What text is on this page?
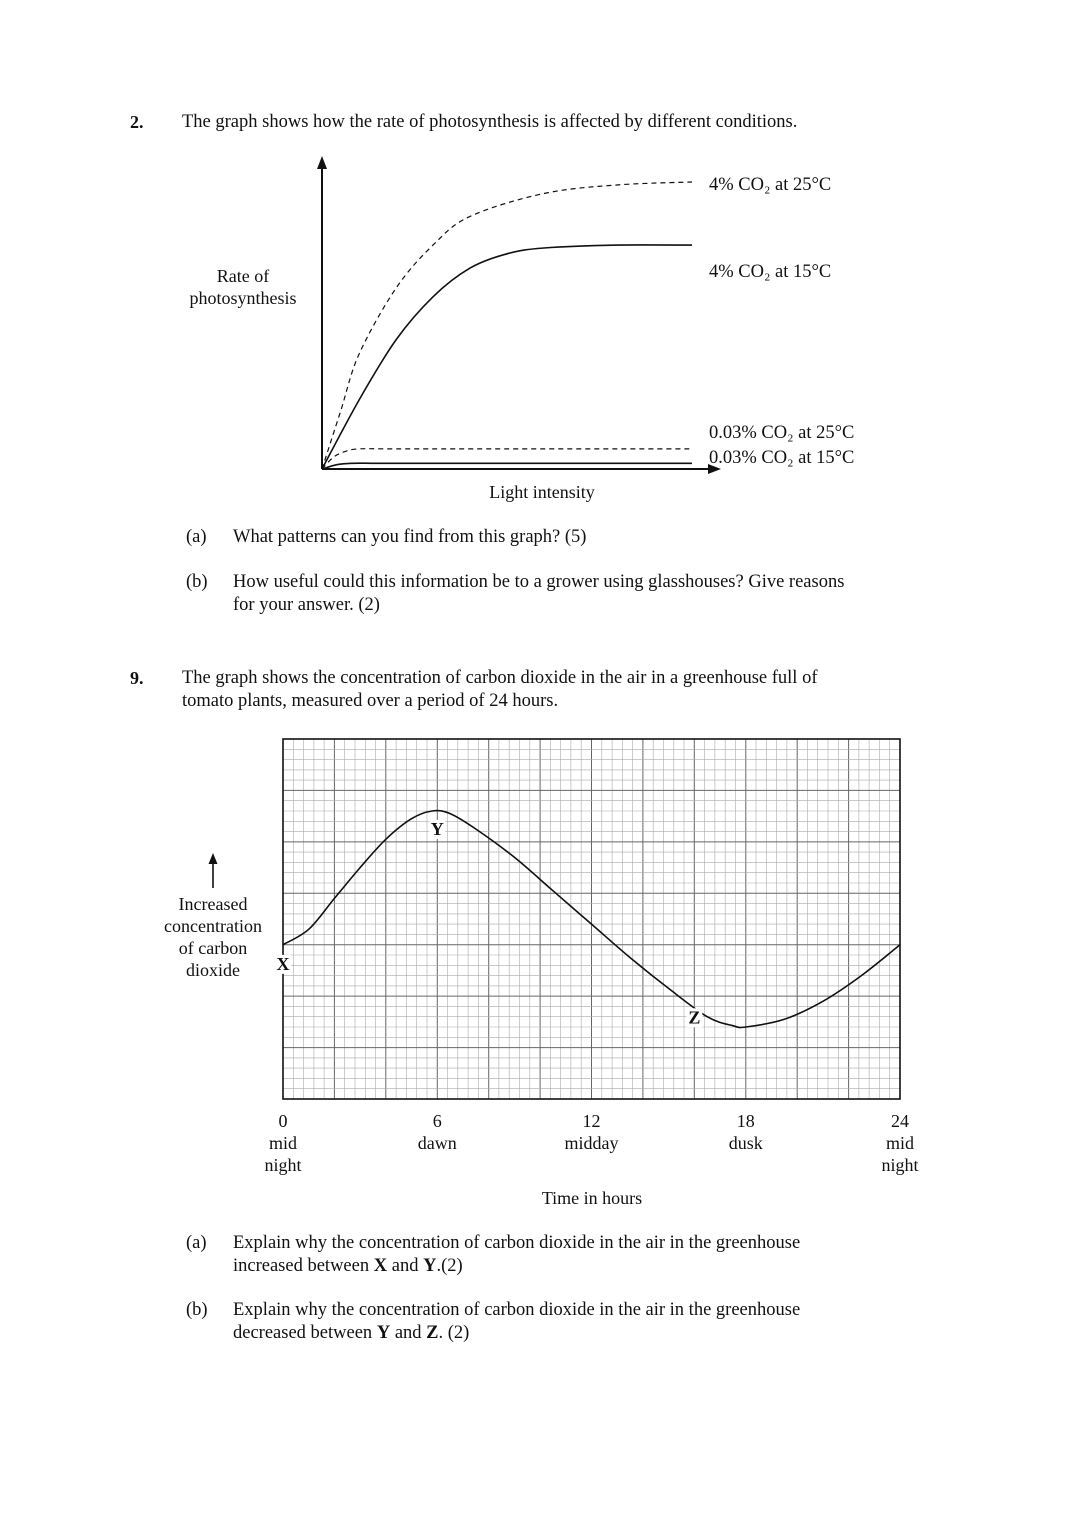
2. The graph shows how the rate of photosynthesis is affected by different conditions.
Rate of
photosynthesis
4% CO₂ at 25°C
4% CO₂ at 15°C
0.03% CO₂ at 25°C
0.03% CO₂ at 15°C
Light intensity
(a) What patterns can you find from this graph? (5)
(b) How useful could this information be to a grower using glasshouses? Give reasons
for your answer. (2)
9. The graph shows the concentration of carbon dioxide in the air in a greenhouse full of
tomato plants, measured over a period of 24 hours.
Increased
concentration
of carbon
dioxide
0 mid night
6 dawn
12 midday
18 dusk
24 mid night
X
Y
Z
Time in hours
(a) Explain why the concentration of carbon dioxide in the air in the greenhouse
increased between X and Y.(2)
(b) Explain why the concentration of carbon dioxide in the air in the greenhouse
decreased between Y and Z. (2)
